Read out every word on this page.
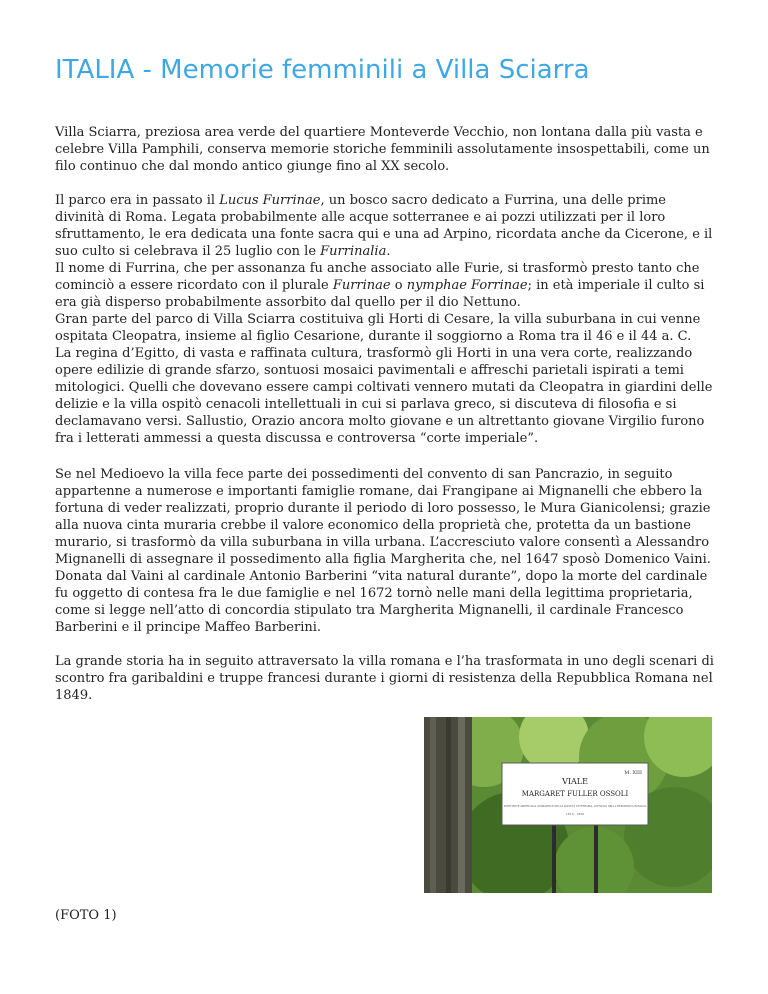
ITALIA - Memorie femminili a Villa Sciarra

Villa Sciarra, preziosa area verde del quartiere Monteverde Vecchio, non lontana dalla più vasta e celebre Villa Pamphili, conserva memorie storiche femminili assolutamente insospettabili, come un filo continuo che dal mondo antico giunge fino al XX secolo.

Il parco era in passato il Lucus Furrinae, un bosco sacro dedicato a Furrina, una delle prime divinità di Roma. Legata probabilmente alle acque sotterranee e ai pozzi utilizzati per il loro sfruttamento, le era dedicata una fonte sacra qui e una ad Arpino, ricordata anche da Cicerone, e il suo culto si celebrava il 25 luglio con le Furrinalia.
Il nome di Furrina, che per assonanza fu anche associato alle Furie, si trasformò presto tanto che cominciò a essere ricordato con il plurale Furrinae o nymphae Forrinae; in età imperiale il culto si era già disperso probabilmente assorbito dal quello per il dio Nettuno.
Gran parte del parco di Villa Sciarra costituiva gli Horti di Cesare, la villa suburbana in cui venne ospitata Cleopatra, insieme al figlio Cesarione, durante il soggiorno a Roma tra il 46 e il 44 a. C.
La regina d’Egitto, di vasta e raffinata cultura, trasformò gli Horti in una vera corte, realizzando opere edilizie di grande sfarzo, sontuosi mosaici pavimentali e affreschi parietali ispirati a temi mitologici. Quelli che dovevano essere campi coltivati vennero mutati da Cleopatra in giardini delle delizie e la villa ospitò cenacoli intellettuali in cui si parlava greco, si discuteva di filosofia e si declamavano versi. Sallustio, Orazio ancora molto giovane e un altrettanto giovane Virgilio furono fra i letterati ammessi a questa discussa e controversa “corte imperiale”.

Se nel Medioevo la villa fece parte dei possedimenti del convento di san Pancrazio, in seguito appartenne a numerose e importanti famiglie romane, dai Frangipane ai Mignanelli che ebbero la fortuna di veder realizzati, proprio durante il periodo di loro possesso, le Mura Gianicolensi; grazie alla nuova cinta muraria crebbe il valore economico della proprietà che, protetta da un bastione murario, si trasformò da villa suburbana in villa urbana. L’accresciuto valore consentì a Alessandro Mignanelli di assegnare il possedimento alla figlia Margherita che, nel 1647 sposò Domenico Vaini. Donata dal Vaini al cardinale Antonio Barberini “vita natural durante”, dopo la morte del cardinale fu oggetto di contesa fra le due famiglie e nel 1672 tornò nelle mani della legittima proprietaria, come si legge nell’atto di concordia stipulato tra Margherita Mignanelli, il cardinale Francesco Barberini e il principe Maffeo Barberini.

La grande storia ha in seguito attraversato la villa romana e l’ha trasformata in uno degli scenari di scontro fra garibaldini e truppe francesi durante i giorni di resistenza della Repubblica Romana nel 1849.

M. XIII
VIALE
MARGARET FULLER OSSOLI
SCRITTRICE AMERICANA ANIMATRICE DELLA SOCIETÀ LETTERARIA, ATTIVISTA DELLA REPUBBLICA ROMANA
1810 - 1850

(FOTO 1)
